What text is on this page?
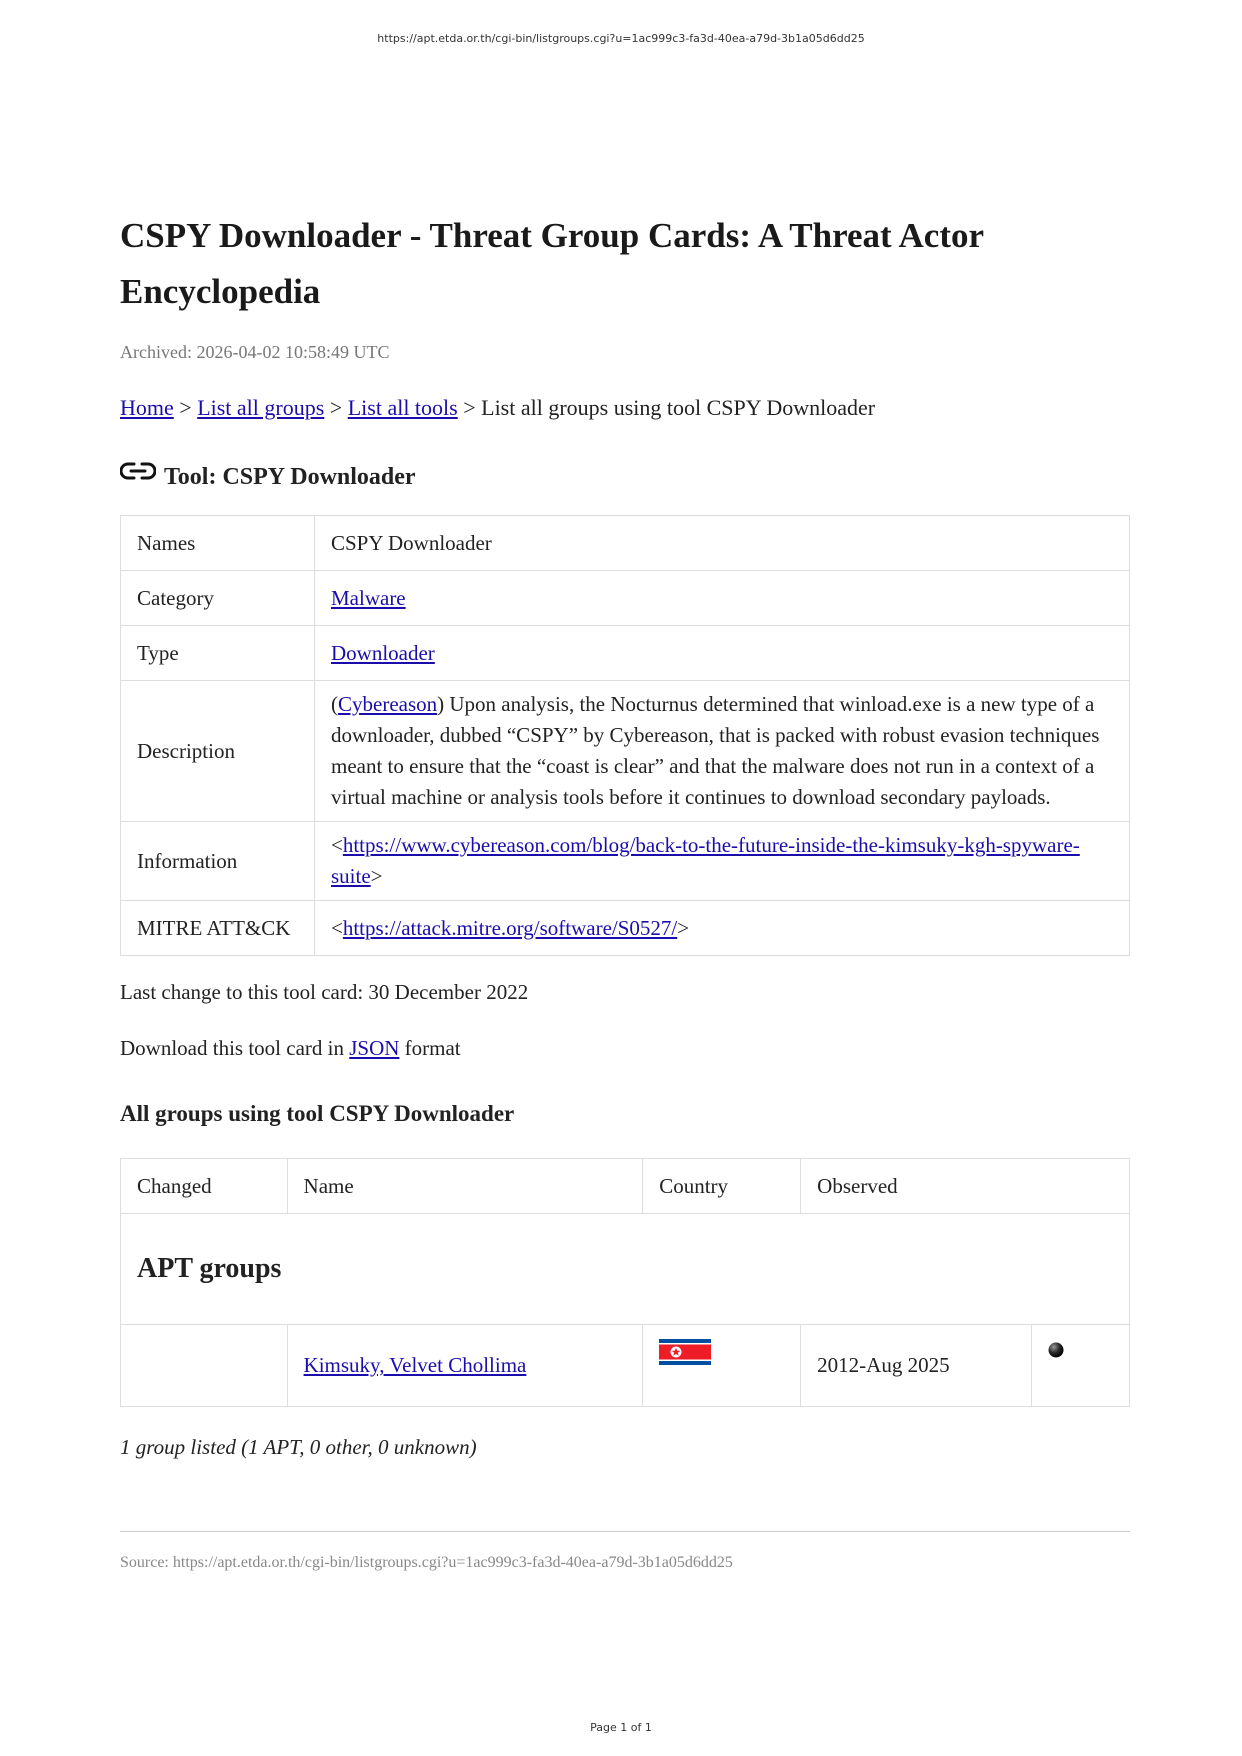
https://apt.etda.or.th/cgi-bin/listgroups.cgi?u=1ac999c3-fa3d-40ea-a79d-3b1a05d6dd25
CSPY Downloader - Threat Group Cards: A Threat Actor Encyclopedia
Archived: 2026-04-02 10:58:49 UTC
Home > List all groups > List all tools > List all groups using tool CSPY Downloader
Tool: CSPY Downloader
Names	CSPY Downloader
Category	Malware
Type	Downloader
Description	(Cybereason) Upon analysis, the Nocturnus determined that winload.exe is a new type of a downloader, dubbed “CSPY” by Cybereason, that is packed with robust evasion techniques meant to ensure that the “coast is clear” and that the malware does not run in a context of a virtual machine or analysis tools before it continues to download secondary payloads.
Information	<https://www.cybereason.com/blog/back-to-the-future-inside-the-kimsuky-kgh-spyware-suite>
MITRE ATT&CK	<https://attack.mitre.org/software/S0527/>
Last change to this tool card: 30 December 2022
Download this tool card in JSON format
All groups using tool CSPY Downloader
Changed	Name	Country	Observed	
APT groups				
	Kimsuky, Velvet Chollima		2012-Aug 2025	
1 group listed (1 APT, 0 other, 0 unknown)
Source: https://apt.etda.or.th/cgi-bin/listgroups.cgi?u=1ac999c3-fa3d-40ea-a79d-3b1a05d6dd25
Page 1 of 1
